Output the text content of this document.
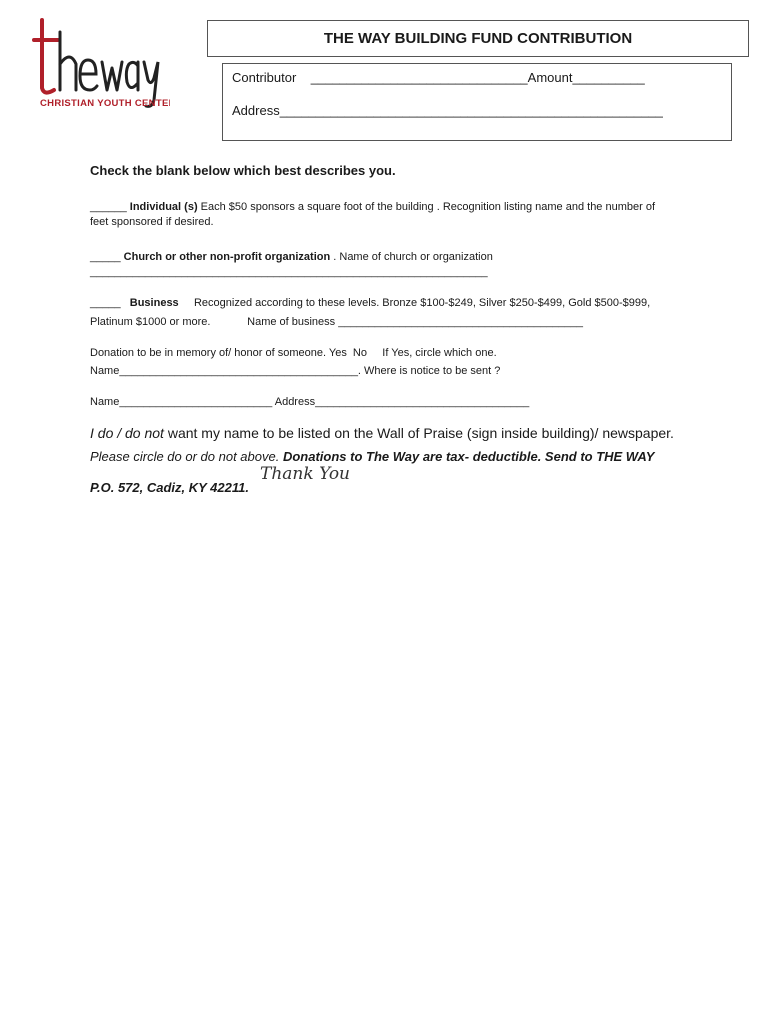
CHRISTIAN YOUTH CENTER
THE WAY BUILDING FUND CONTRIBUTION
Contributor    ______________________________Amount__________
Address_____________________________________________________
Check the blank below which best describes you.
______ Individual (s) Each $50 sponsors a square foot of the building . Recognition listing name and the number of
feet sponsored if desired.
_____ Church or other non-profit organization . Name of church or organization
_________________________________________________________________
_____   Business     Recognized according to these levels. Bronze $100-$249, Silver $250-$499, Gold $500-$999,
Platinum $1000 or more.            Name of business ________________________________________
Donation to be in memory of/ honor of someone. Yes  No     If Yes, circle which one.
Name_______________________________________. Where is notice to be sent ?
Name_________________________ Address___________________________________
I do / do not want my name to be listed on the Wall of Praise (sign inside building)/ newspaper.
Please circle do or do not above. Donations to The Way are tax- deductible. Send to THE WAY
P.O. 572, Cadiz, KY 42211.
Thank You
